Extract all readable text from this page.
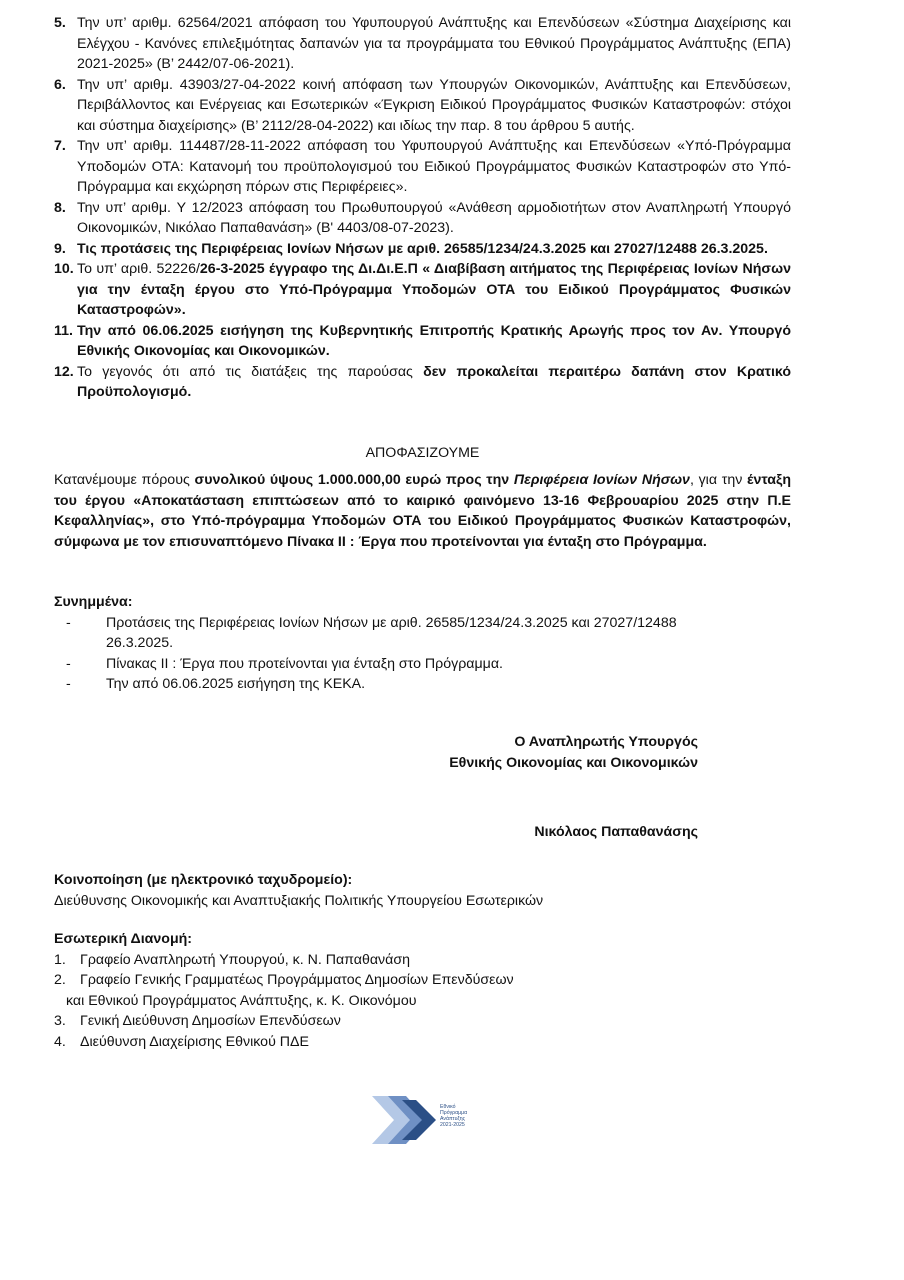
5. Την υπ’ αριθμ. 62564/2021 απόφαση του Υφυπουργού Ανάπτυξης και Επενδύσεων «Σύστημα Διαχείρισης και Ελέγχου - Κανόνες επιλεξιμότητας δαπανών για τα προγράμματα του Εθνικού Προγράμματος Ανάπτυξης (ΕΠΑ) 2021-2025» (Β’ 2442/07-06-2021).
6. Την υπ’ αριθμ. 43903/27-04-2022 κοινή απόφαση των Υπουργών Οικονομικών, Ανάπτυξης και Επενδύσεων, Περιβάλλοντος και Ενέργειας και Εσωτερικών «Έγκριση Ειδικού Προγράμματος Φυσικών Καταστροφών: στόχοι και σύστημα διαχείρισης» (Β’ 2112/28-04-2022) και ιδίως την παρ. 8 του άρθρου 5 αυτής.
7. Την υπ’ αριθμ. 114487/28-11-2022 απόφαση του Υφυπουργού Ανάπτυξης και Επενδύσεων «Υπό-Πρόγραμμα Υποδομών ΟΤΑ: Κατανομή του προϋπολογισμού του Ειδικού Προγράμματος Φυσικών Καταστροφών στο Υπό-Πρόγραμμα και εκχώρηση πόρων στις Περιφέρειες».
8. Την υπ’ αριθμ. Υ 12/2023 απόφαση του Πρωθυπουργού «Ανάθεση αρμοδιοτήτων στον Αναπληρωτή Υπουργό Οικονομικών, Νικόλαο Παπαθανάση» (Β' 4403/08-07-2023).
9. Τις προτάσεις της Περιφέρειας Ιονίων Νήσων με αριθ. 26585/1234/24.3.2025 και 27027/12488 26.3.2025.
10. Το υπ’ αριθ. 52226/26-3-2025 έγγραφο της Δι.Δι.Ε.Π « Διαβίβαση αιτήματος της Περιφέρειας Ιονίων Νήσων για την ένταξη έργου στο Υπό-Πρόγραμμα Υποδομών ΟΤΑ του Ειδικού Προγράμματος Φυσικών Καταστροφών».
11. Την από 06.06.2025 εισήγηση της Κυβερνητικής Επιτροπής Κρατικής Αρωγής προς τον Αν. Υπουργό Εθνικής Οικονομίας και Οικονομικών.
12. Το γεγονός ότι από τις διατάξεις της παρούσας δεν προκαλείται περαιτέρω δαπάνη στον Κρατικό Προϋπολογισμό.
ΑΠΟΦΑΣΙΖΟΥΜΕ
Κατανέμουμε πόρους συνολικού ύψους 1.000.000,00 ευρώ προς την Περιφέρεια Ιονίων Νήσων, για την ένταξη του έργου «Αποκατάσταση επιπτώσεων από το καιρικό φαινόμενο 13-16 Φεβρουαρίου 2025 στην Π.Ε Κεφαλληνίας», στο Υπό-πρόγραμμα Υποδομών ΟΤΑ του Ειδικού Προγράμματος Φυσικών Καταστροφών, σύμφωνα με τον επισυναπτόμενο Πίνακα ΙΙ : Έργα που προτείνονται για ένταξη στο Πρόγραμμα.
Συνημμένα:
-	Προτάσεις της Περιφέρειας Ιονίων Νήσων με αριθ. 26585/1234/24.3.2025 και 27027/12488 26.3.2025.
-	Πίνακας ΙΙ : Έργα που προτείνονται για ένταξη στο Πρόγραμμα.
-	Την από 06.06.2025 εισήγηση της ΚΕΚΑ.
Ο Αναπληρωτής Υπουργός
Εθνικής Οικονομίας και Οικονομικών
Νικόλαος Παπαθανάσης
Κοινοποίηση (με ηλεκτρονικό ταχυδρομείο):
Διεύθυνσης Οικονομικής και Αναπτυξιακής Πολιτικής Υπουργείου Εσωτερικών
Εσωτερική Διανομή:
1. Γραφείο Αναπληρωτή Υπουργού, κ. Ν. Παπαθανάση
2. Γραφείο Γενικής Γραμματέως Προγράμματος Δημοσίων Επενδύσεων
και Εθνικού Προγράμματος Ανάπτυξης, κ. Κ. Οικονόμου
3. Γενική Διεύθυνση Δημοσίων Επενδύσεων
4. Διεύθυνση Διαχείρισης Εθνικού ΠΔΕ
Εθνικό
Πρόγραμμα
Ανάπτυξης
2021-2025
